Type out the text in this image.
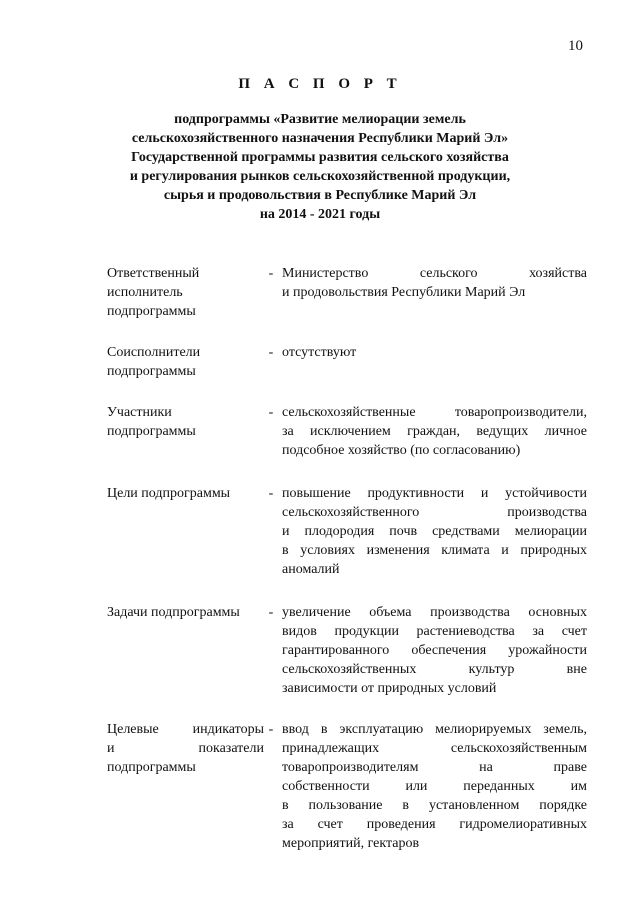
10
П А С П О Р Т
подпрограммы «Развитие мелиорации земель
сельскохозяйственного назначения Республики Марий Эл»
Государственной программы развития сельского хозяйства
и регулирования рынков сельскохозяйственной продукции,
сырья и продовольствия в Республике Марий Эл
на 2014 - 2021 годы
Ответственный
исполнитель
подпрограммы
- Министерство сельского хозяйства
и продовольствия Республики Марий Эл
Соисполнители
подпрограммы
- отсутствуют
Участники
подпрограммы
- сельскохозяйственные товаропроизводители,
за исключением граждан, ведущих личное
подсобное хозяйство (по согласованию)
Цели подпрограммы	- повышение продуктивности и устойчивости
сельскохозяйственного производства
и плодородия почв средствами мелиорации
в условиях изменения климата и природных
аномалий
Задачи подпрограммы	- увеличение объема производства основных
видов продукции растениеводства за счет
гарантированного обеспечения урожайности
сельскохозяйственных культур вне
зависимости от природных условий
Целевые индикаторы
и показатели
подпрограммы
- ввод в эксплуатацию мелиорируемых земель,
принадлежащих сельскохозяйственным
товаропроизводителям на праве
собственности или переданных им
в пользование в установленном порядке
за счет проведения гидромелиоративных
мероприятий, гектаров
